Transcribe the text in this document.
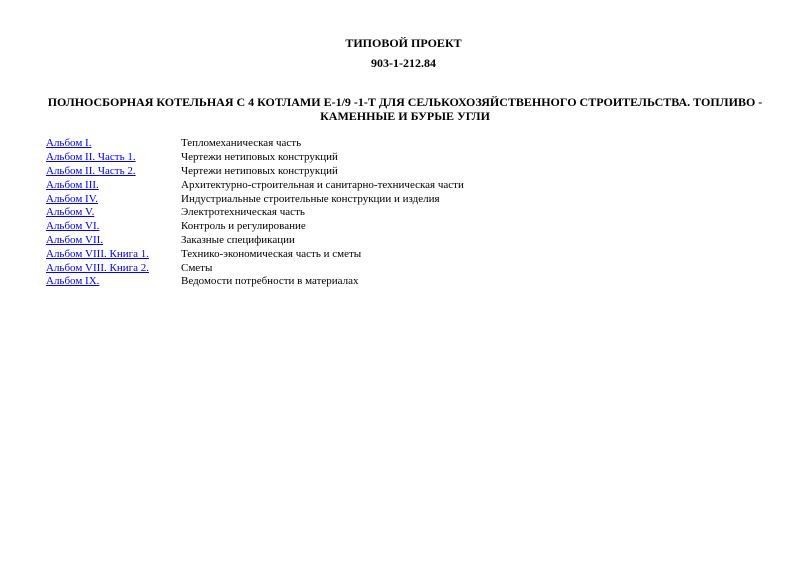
ТИПОВОЙ ПРОЕКТ
903-1-212.84
ПОЛНОСБОРНАЯ КОТЕЛЬНАЯ С 4 КОТЛАМИ Е-1/9 -1-Т ДЛЯ СЕЛЬКОХОЗЯЙСТВЕННОГО СТРОИТЕЛЬСТВА. ТОПЛИВО - КАМЕННЫЕ И БУРЫЕ УГЛИ
Альбом I.	Тепломеханическая часть
Альбом II. Часть 1.	Чертежи нетиповых конструкций
Альбом II. Часть 2.	Чертежи нетиповых конструкций
Альбом III.	Архитектурно-строительная и санитарно-техническая части
Альбом IV.	Индустриальные строительные конструкции и изделия
Альбом V.	Электротехническая часть
Альбом VI.	Контроль и регулирование
Альбом VII.	Заказные спецификации
Альбом VIII. Книга 1.	Технико-экономическая часть и сметы
Альбом VIII. Книга 2.	Сметы
Альбом IX.	Ведомости потребности в материалах
